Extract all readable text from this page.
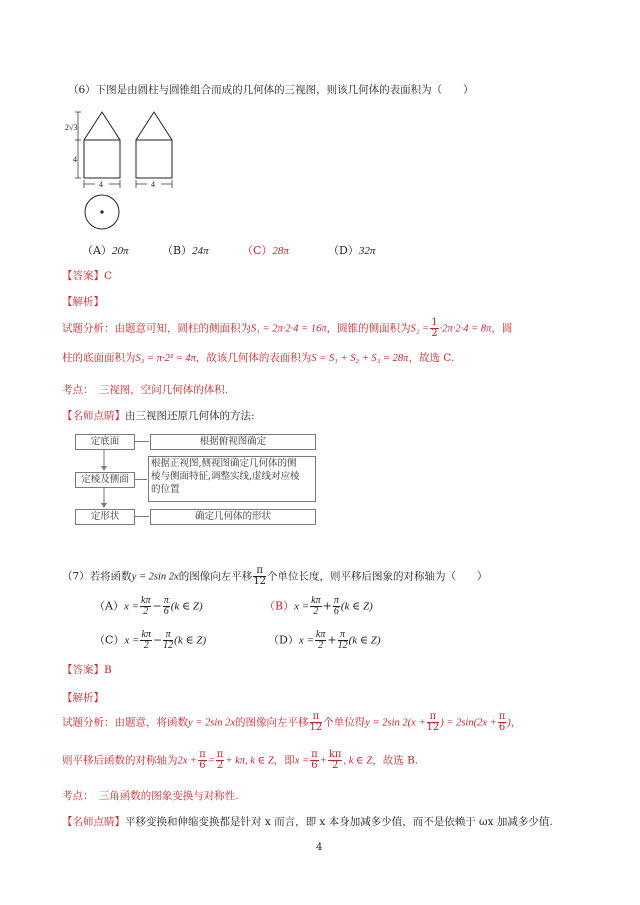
（6）下图是由圆柱与圆锥组合而成的几何体的三视图，则该几何体的表面积为（　　）
2√3
4
4	4
（A）20π	（B）24π	（C）28π	（D）32π
【答案】C
【解析】
试题分析：由题意可知，圆柱的侧面积为S₁ = 2π·2·4 = 16π，圆锥的侧面积为$S_2 = \frac{1}{2} \cdot 2\pi\cdot 2\cdot 4 = 8\pi$，圆
柱的底面面积为S₃ = π·2² = 4π，故该几何体的表面积为S = S₁ + S₂ + S₃ = 28π，故选 C.
考点：　三视图，空间几何体的体积.
【名师点睛】由三视图还原几何体的方法:
定底面
定棱及侧面
定形状
根据俯视图确定
根据正视图,侧视图确定几何体的侧
棱与侧面特征,调整实线,虚线对应棱
的位置
确定几何体的形状
（7）若将函数y = 2sin 2x的图像向左平移 $\frac{\pi}{12}$ 个单位长度，则平移后图象的对称轴为（　　）
$(A)x = \frac{k\pi}{2} - \frac{\pi}{6} (k$ ∈ Z)	$(B)x = \frac{k\pi}{2} + \frac{\pi}{6} (k$ ∈ Z)
$(C)x = \frac{k\pi}{2} - \frac{\pi}{12} (k$ ∈ Z)	$(D)x = \frac{k\pi}{2} + \frac{\pi}{12} (k$ ∈ Z)
【答案】B
【解析】
试题分析：由题意，将函数y = 2sin 2x的图像向左平移 $\frac{\pi}{12}$ 个单位得y = 2sin $2(x + \frac{\pi}{12}$ ) = $2\sin(2x + \frac{\pi}{6}$ )，
则平移后函数的对称轴为$2x + \frac{\pi}{6} = \frac{\pi}{2} + k\pi$, k ∈ Z，即$x = \frac{\pi}{6} + \frac{k\pi}{2}$ , k ∈ Z，故选 B.
考点：　三角函数的图象变换与对称性.
【名师点睛】平移变换和伸缩变换都是针对 x 而言，即 x 本身加减多少值，而不是依赖于 ωx 加减多少值.
4
